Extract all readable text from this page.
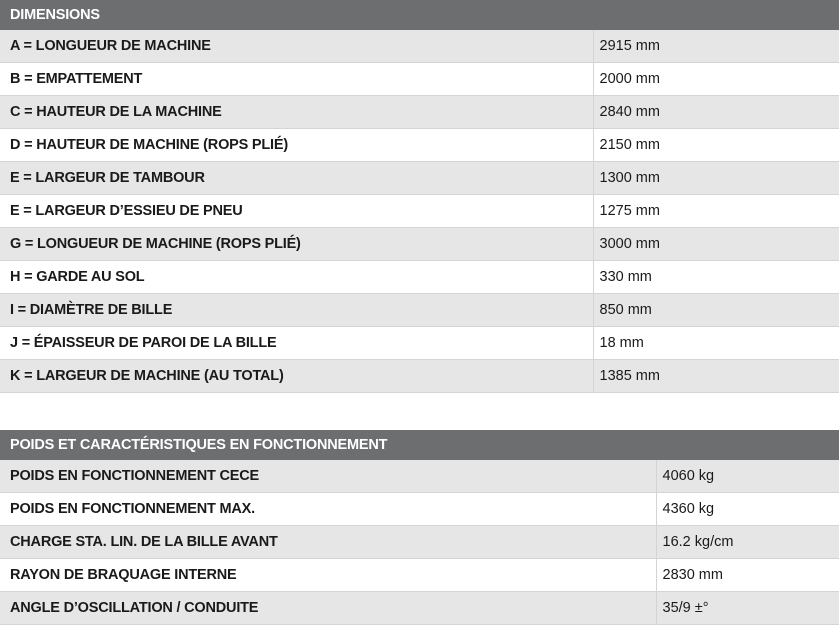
DIMENSIONS
A = LONGUEUR DE MACHINE	2915 mm
B = EMPATTEMENT	2000 mm
C = HAUTEUR DE LA MACHINE	2840 mm
D = HAUTEUR DE MACHINE (ROPS PLIÉ)	2150 mm
E = LARGEUR DE TAMBOUR	1300 mm
E = LARGEUR D’ESSIEU DE PNEU	1275 mm
G = LONGUEUR DE MACHINE (ROPS PLIÉ)	3000 mm
H = GARDE AU SOL	330 mm
I = DIAMÈTRE DE BILLE	850 mm
J = ÉPAISSEUR DE PAROI DE LA BILLE	18 mm
K = LARGEUR DE MACHINE (AU TOTAL)	1385 mm
POIDS ET CARACTÉRISTIQUES EN FONCTIONNEMENT
POIDS EN FONCTIONNEMENT CECE	4060 kg
POIDS EN FONCTIONNEMENT MAX.	4360 kg
CHARGE STA. LIN. DE LA BILLE AVANT	16.2 kg/cm
RAYON DE BRAQUAGE INTERNE	2830 mm
ANGLE D’OSCILLATION / CONDUITE	35/9 ±°
